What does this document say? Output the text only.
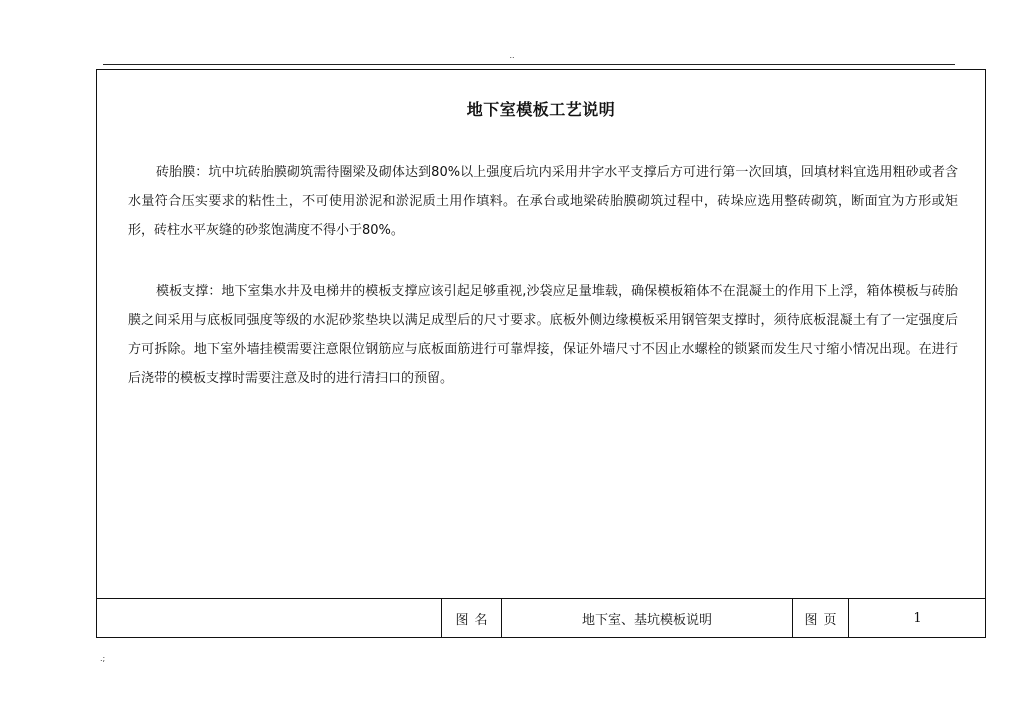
..
地下室模板工艺说明

砖胎膜：坑中坑砖胎膜砌筑需待圈梁及砌体达到80%以上强度后坑内采用井字水平支撑后方可进行第一次回填，回填材料宜选用粗砂或者含水量符合压实要求的粘性土，不可使用淤泥和淤泥质土用作填料。在承台或地梁砖胎膜砌筑过程中，砖垛应选用整砖砌筑，断面宜为方形或矩形，砖柱水平灰缝的砂浆饱满度不得小于80%。

模板支撑：地下室集水井及电梯井的模板支撑应该引起足够重视,沙袋应足量堆载，确保模板箱体不在混凝土的作用下上浮，箱体模板与砖胎膜之间采用与底板同强度等级的水泥砂浆垫块以满足成型后的尺寸要求。底板外侧边缘模板采用钢管架支撑时，须待底板混凝土有了一定强度后方可拆除。地下室外墙挂模需要注意限位钢筋应与底板面筋进行可靠焊接，保证外墙尺寸不因止水螺栓的锁紧而发生尺寸缩小情况出现。在进行后浇带的模板支撑时需要注意及时的进行清扫口的预留。

图名	地下室、基坑模板说明	图页	1
.;
